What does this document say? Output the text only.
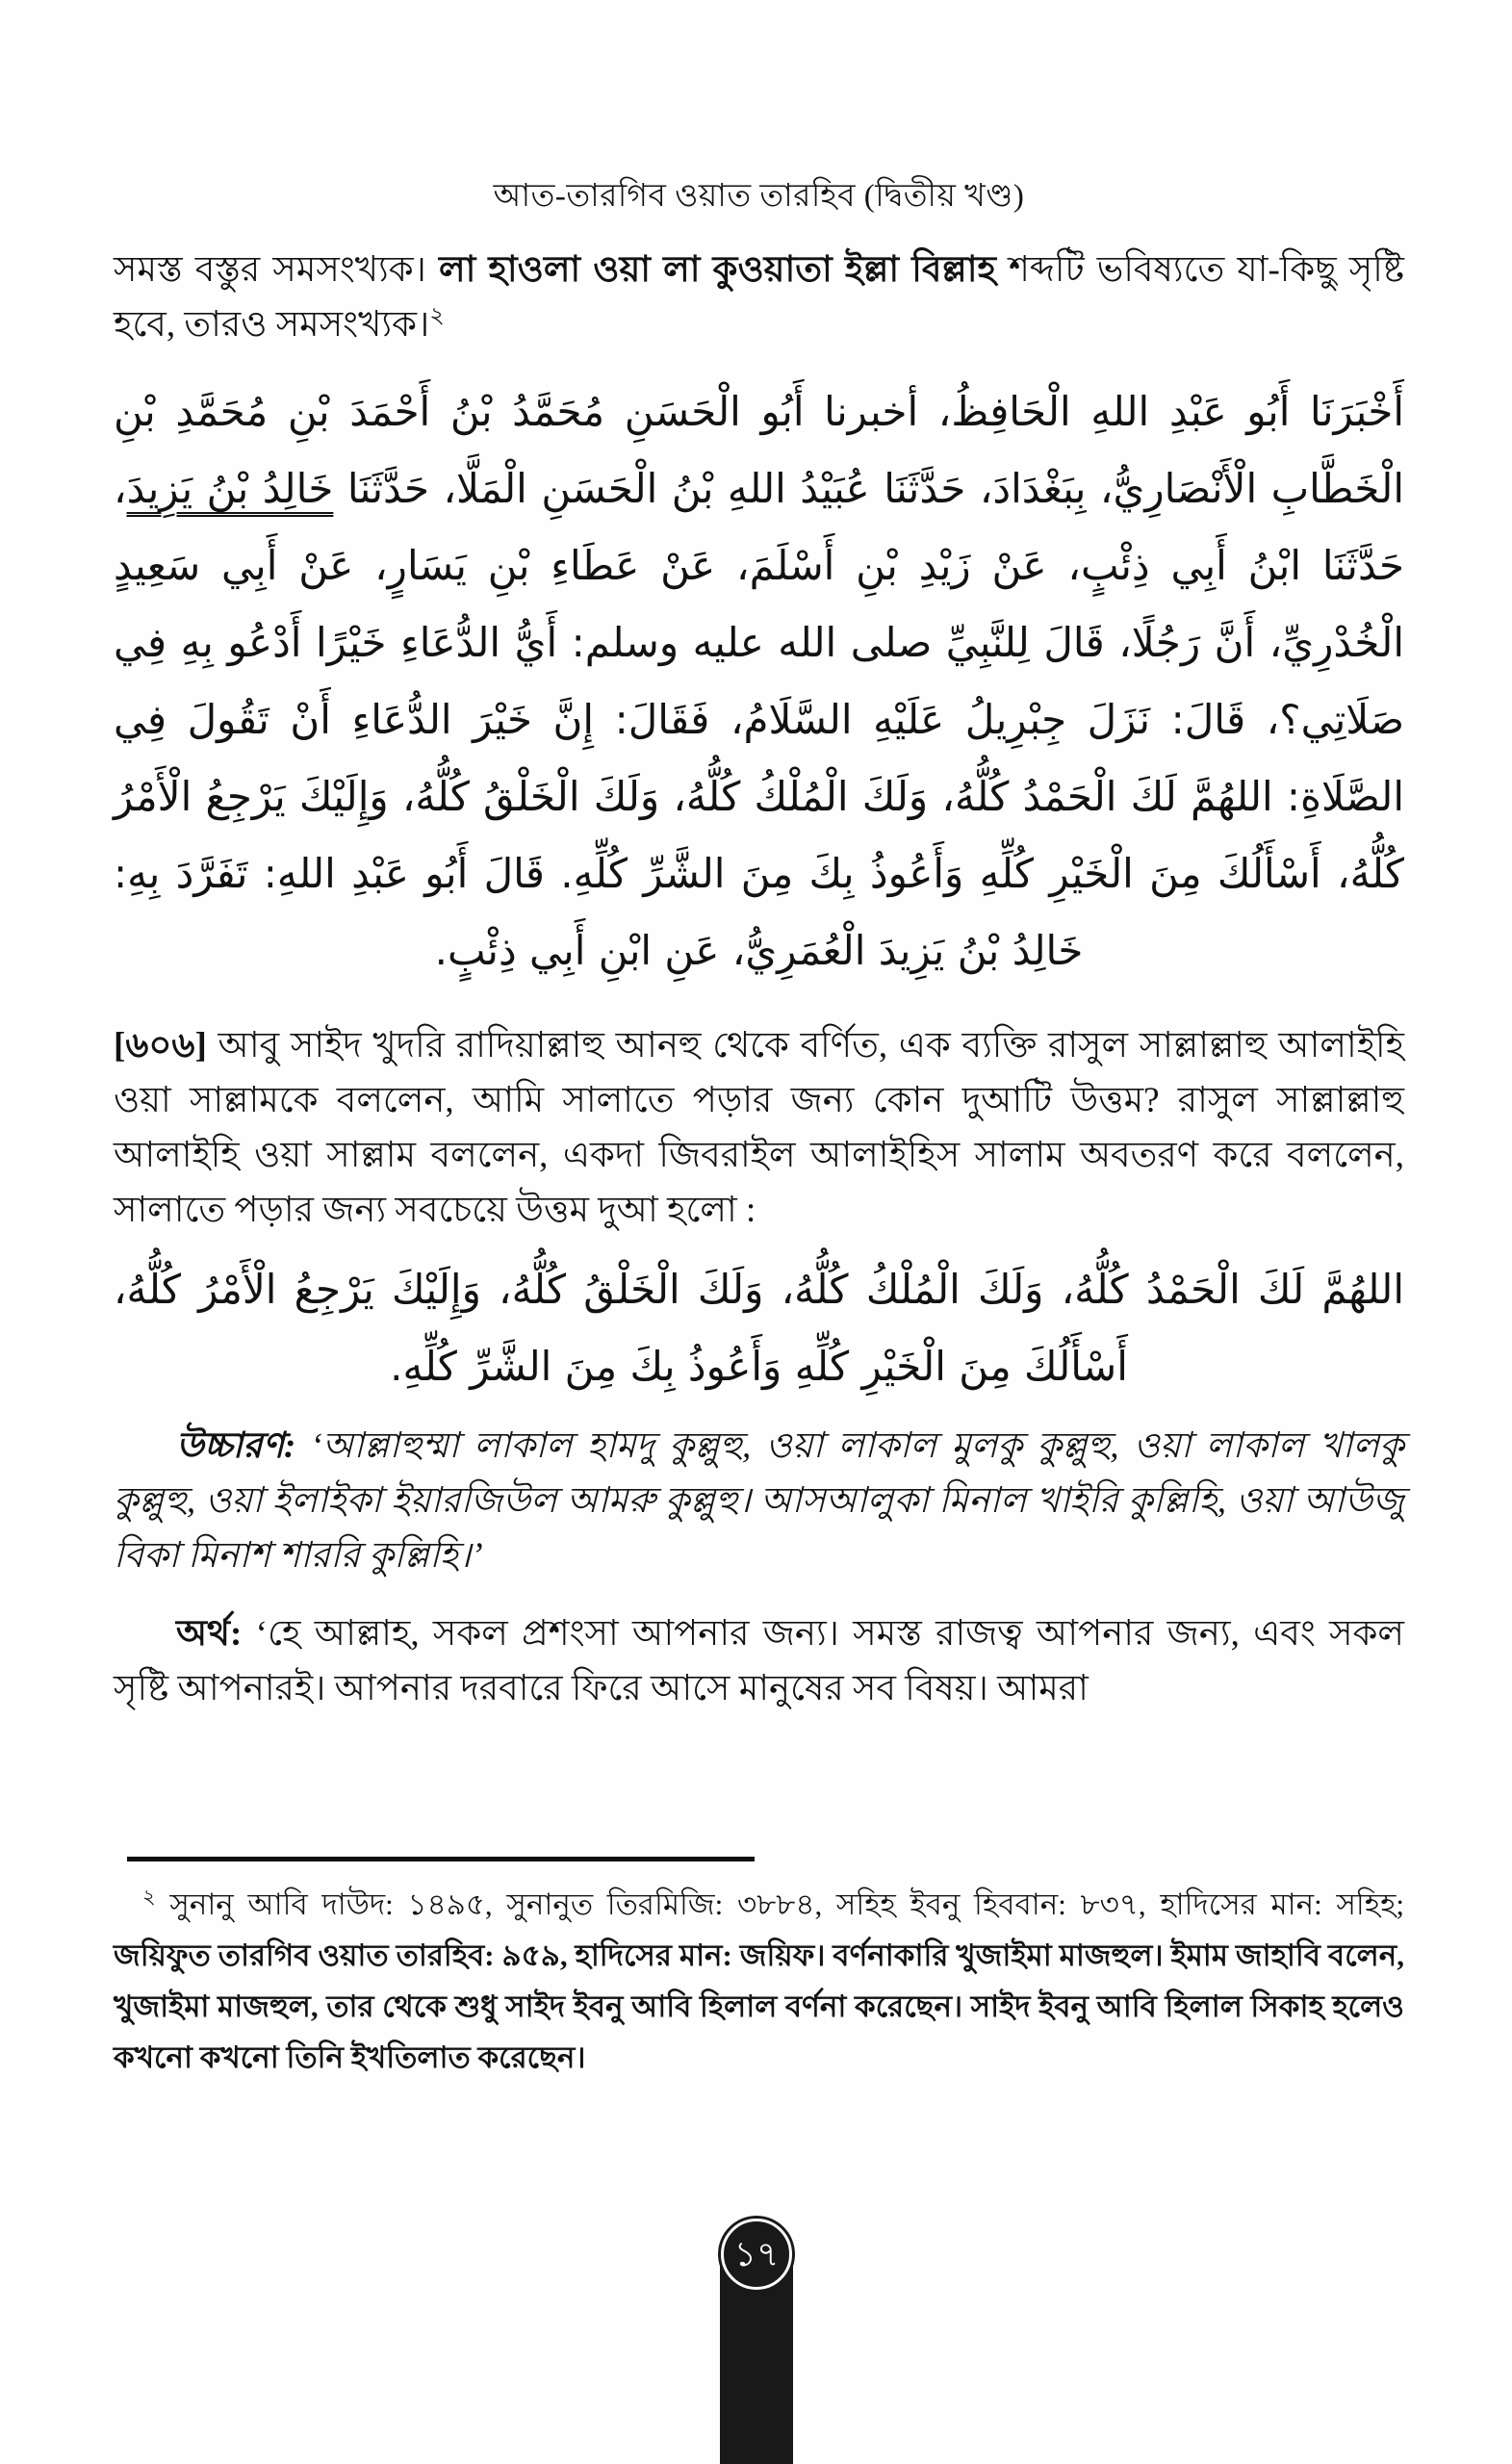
আত-তারগিব ওয়াত তারহিব (দ্বিতীয় খণ্ড)

সমস্ত বস্তুর সমসংখ্যক। লা হাওলা ওয়া লা কুওয়াতা ইল্লা বিল্লাহ শব্দটি ভবিষ্যতে যা-কিছু সৃষ্টি হবে, তারও সমসংখ্যক।$^২$

أَخْبَرَنَا أَبُو عَبْدِ اللهِ الْحَافِظُ، أخبرنا أَبُو الْحَسَنِ مُحَمَّدُ بْنُ أَحْمَدَ بْنِ مُحَمَّدِ بْنِ الْخَطَّابِ الْأَنْصَارِيُّ، بِبَغْدَادَ، حَدَّثَنَا عُبَيْدُ اللهِ بْنُ الْحَسَنِ الْمَلَّا، حَدَّثَنَا خَالِدُ بْنُ يَزِيدَ، حَدَّثَنَا ابْنُ أَبِي ذِئْبٍ، عَنْ زَيْدِ بْنِ أَسْلَمَ، عَنْ عَطَاءِ بْنِ يَسَارٍ، عَنْ أَبِي سَعِيدٍ الْخُدْرِيِّ، أَنَّ رَجُلًا، قَالَ لِلنَّبِيِّ صلى الله عليه وسلم: أَيُّ الدُّعَاءِ خَيْرًا أَدْعُو بِهِ فِي صَلَاتِي؟، قَالَ: نَزَلَ جِبْرِيلُ عَلَيْهِ السَّلَامُ، فَقَالَ: إِنَّ خَيْرَ الدُّعَاءِ أَنْ تَقُولَ فِي الصَّلَاةِ: اللهُمَّ لَكَ الْحَمْدُ كُلُّهُ، وَلَكَ الْمُلْكُ كُلُّهُ، وَلَكَ الْخَلْقُ كُلُّهُ، وَإِلَيْكَ يَرْجِعُ الْأَمْرُ كُلُّهُ، أَسْأَلُكَ مِنَ الْخَيْرِ كُلِّهِ وَأَعُوذُ بِكَ مِنَ الشَّرِّ كُلِّهِ. قَالَ أَبُو عَبْدِ اللهِ: تَفَرَّدَ بِهِ: خَالِدُ بْنُ يَزِيدَ الْعُمَرِيُّ، عَنِ ابْنِ أَبِي ذِئْبٍ.

[৬০৬] আবু সাইদ খুদরি রাদিয়াল্লাহু আনহু থেকে বর্ণিত, এক ব্যক্তি রাসুল সাল্লাল্লাহু আলাইহি ওয়া সাল্লামকে বললেন, আমি সালাতে পড়ার জন্য কোন দুআটি উত্তম? রাসুল সাল্লাল্লাহু আলাইহি ওয়া সাল্লাম বললেন, একদা জিবরাইল আলাইহিস সালাম অবতরণ করে বললেন, সালাতে পড়ার জন্য সবচেয়ে উত্তম দুআ হলো :

اللهُمَّ لَكَ الْحَمْدُ كُلُّهُ، وَلَكَ الْمُلْكُ كُلُّهُ، وَلَكَ الْخَلْقُ كُلُّهُ، وَإِلَيْكَ يَرْجِعُ الْأَمْرُ كُلُّهُ، أَسْأَلُكَ مِنَ الْخَيْرِ كُلِّهِ وَأَعُوذُ بِكَ مِنَ الشَّرِّ كُلِّهِ.

উচ্চারণ: ‘আল্লাহুম্মা লাকাল হামদু কুল্লুহু, ওয়া লাকাল মুলকু কুল্লুহু, ওয়া লাকাল খালকু কুল্লুহু, ওয়া ইলাইকা ইয়ারজিউল আমরু কুল্লুহু। আসআলুকা মিনাল খাইরি কুল্লিহি, ওয়া আউজু বিকা মিনাশ শাররি কুল্লিহি।’

অর্থ: ‘হে আল্লাহ, সকল প্রশংসা আপনার জন্য। সমস্ত রাজত্ব আপনার জন্য, এবং সকল সৃষ্টি আপনারই। আপনার দরবারে ফিরে আসে মানুষের সব বিষয়। আমরা

$^২$ সুনানু আবি দাউদ: ১৪৯৫, সুনানুত তিরমিজি: ৩৮৮৪, সহিহ ইবনু হিববান: ৮৩৭, হাদিসের মান: সহিহ; জয়িফুত তারগিব ওয়াত তারহিব: ৯৫৯, হাদিসের মান: জয়িফ। বর্ণনাকারি খুজাইমা মাজহুল। ইমাম জাহাবি বলেন, খুজাইমা মাজহুল, তার থেকে শুধু সাইদ ইবনু আবি হিলাল বর্ণনা করেছেন। সাইদ ইবনু আবি হিলাল সিকাহ হলেও কখনো কখনো তিনি ইখতিলাত করেছেন।

১৭
